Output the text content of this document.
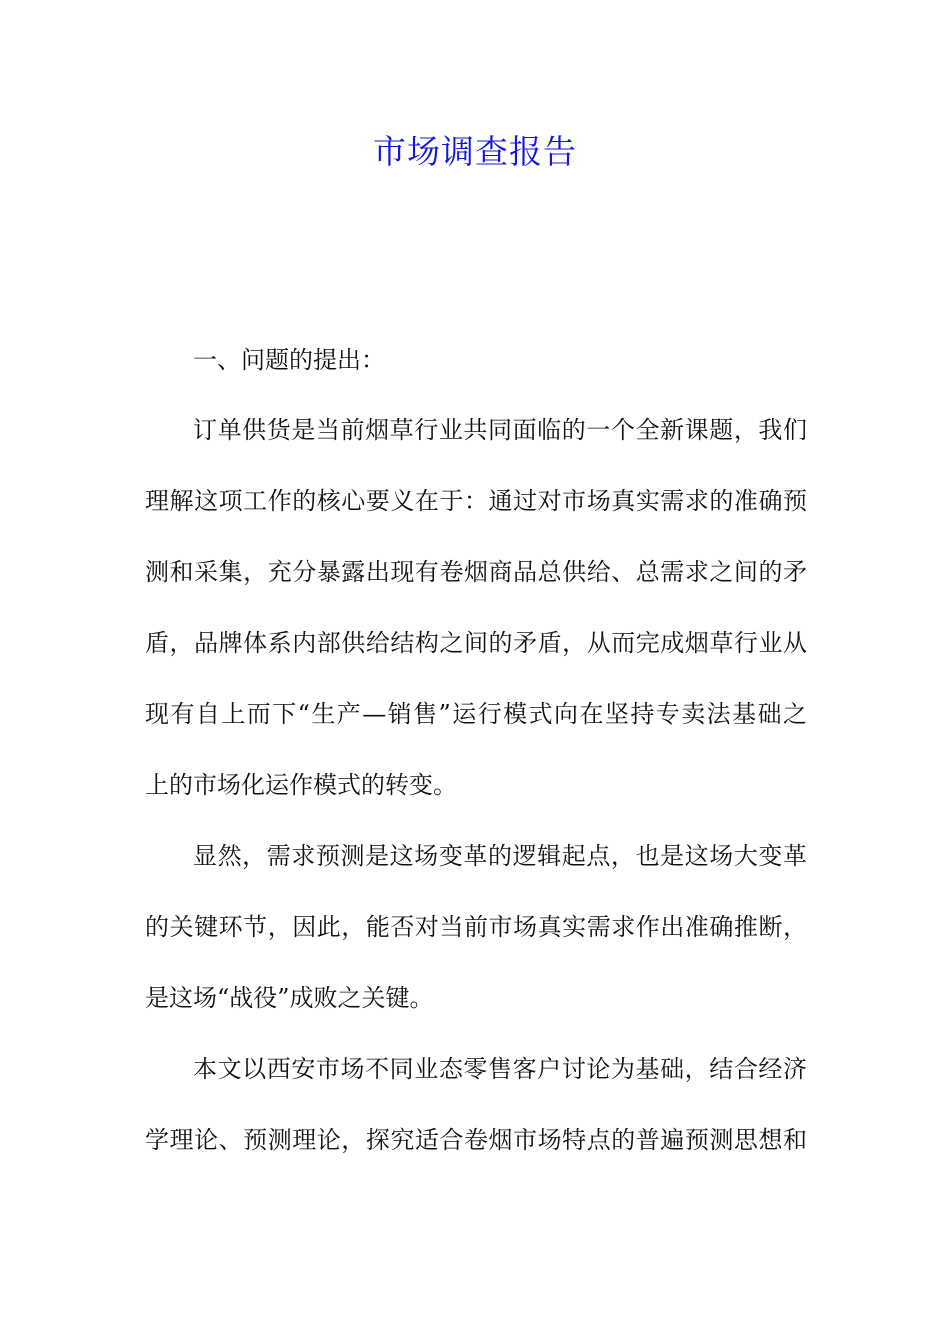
市场调查报告
一、问题的提出：
订单供货是当前烟草行业共同面临的一个全新课题，我们
理解这项工作的核心要义在于：通过对市场真实需求的准确预
测和采集，充分暴露出现有卷烟商品总供给、总需求之间的矛
盾，品牌体系内部供给结构之间的矛盾，从而完成烟草行业从
现有自上而下“生产—销售”运行模式向在坚持专卖法基础之
上的市场化运作模式的转变。
显然，需求预测是这场变革的逻辑起点，也是这场大变革
的关键环节，因此，能否对当前市场真实需求作出准确推断，
是这场“战役”成败之关键。
本文以西安市场不同业态零售客户讨论为基础，结合经济
学理论、预测理论，探究适合卷烟市场特点的普遍预测思想和
